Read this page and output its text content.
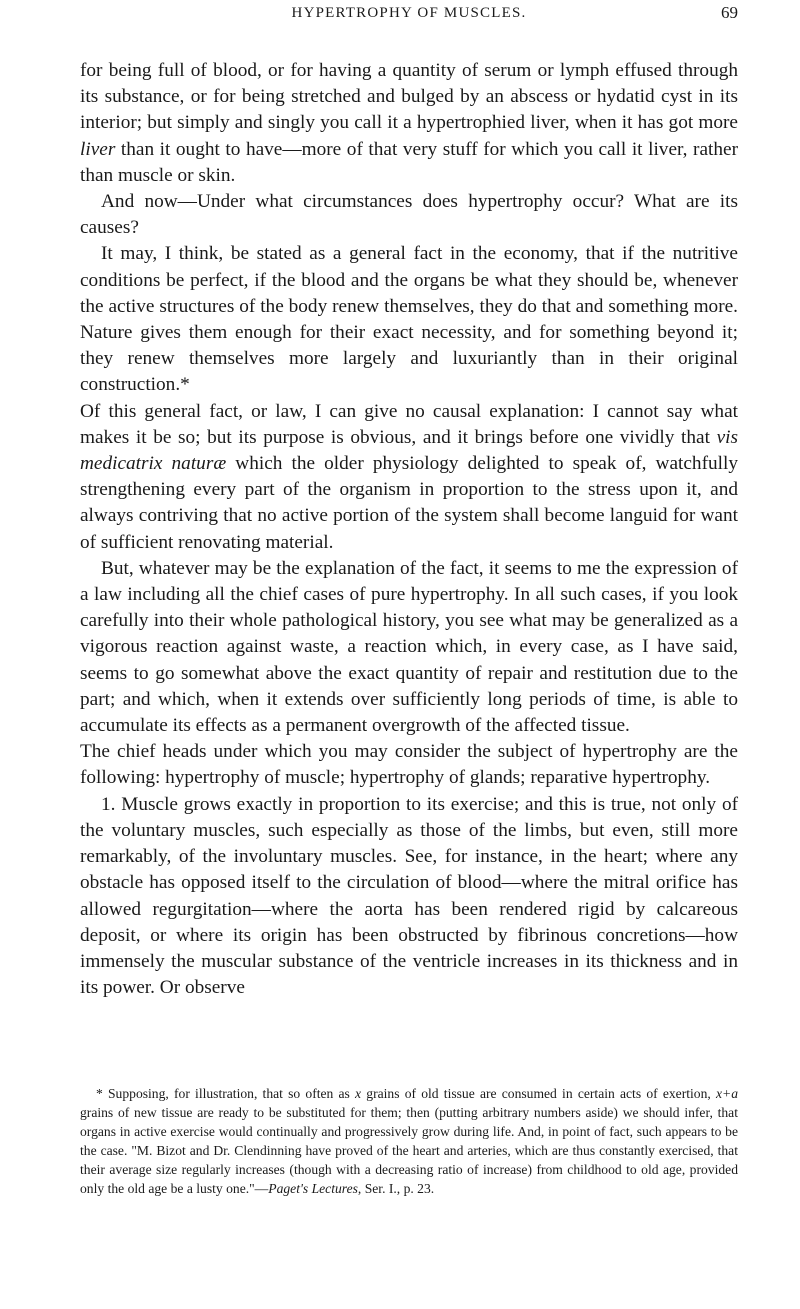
HYPERTROPHY OF MUSCLES.	69

for being full of blood, or for having a quantity of serum or lymph effused through its substance, or for being stretched and bulged by an abscess or hydatid cyst in its interior; but simply and singly you call it a hypertrophied liver, when it has got more liver than it ought to have—more of that very stuff for which you call it liver, rather than muscle or skin.

And now—Under what circumstances does hypertrophy occur? What are its causes?

It may, I think, be stated as a general fact in the economy, that if the nutritive conditions be perfect, if the blood and the organs be what they should be, whenever the active structures of the body renew themselves, they do that and something more. Nature gives them enough for their exact necessity, and for something beyond it; they renew themselves more largely and luxuriantly than in their original construction.*

Of this general fact, or law, I can give no causal explanation: I cannot say what makes it be so; but its purpose is obvious, and it brings before one vividly that vis medicatrix naturæ which the older physiology delighted to speak of, watchfully strengthening every part of the organism in proportion to the stress upon it, and always contriving that no active portion of the system shall become languid for want of sufficient renovating material.

But, whatever may be the explanation of the fact, it seems to me the expression of a law including all the chief cases of pure hypertrophy. In all such cases, if you look carefully into their whole pathological history, you see what may be generalized as a vigorous reaction against waste, a reaction which, in every case, as I have said, seems to go somewhat above the exact quantity of repair and restitution due to the part; and which, when it extends over sufficiently long periods of time, is able to accumulate its effects as a permanent overgrowth of the affected tissue.

The chief heads under which you may consider the subject of hypertrophy are the following: hypertrophy of muscle; hypertrophy of glands; reparative hypertrophy.

1. Muscle grows exactly in proportion to its exercise; and this is true, not only of the voluntary muscles, such especially as those of the limbs, but even, still more remarkably, of the involuntary muscles. See, for instance, in the heart; where any obstacle has opposed itself to the circulation of blood—where the mitral orifice has allowed regurgitation—where the aorta has been rendered rigid by calcareous deposit, or where its origin has been obstructed by fibrinous concretions—how immensely the muscular substance of the ventricle increases in its thickness and in its power. Or observe

* Supposing, for illustration, that so often as x grains of old tissue are consumed in certain acts of exertion, x+a grains of new tissue are ready to be substituted for them; then (putting arbitrary numbers aside) we should infer, that organs in active exercise would continually and progressively grow during life. And, in point of fact, such appears to be the case. "M. Bizot and Dr. Clendinning have proved of the heart and arteries, which are thus constantly exercised, that their average size regularly increases (though with a decreasing ratio of increase) from childhood to old age, provided only the old age be a lusty one."—Paget's Lectures, Ser. I., p. 23.
